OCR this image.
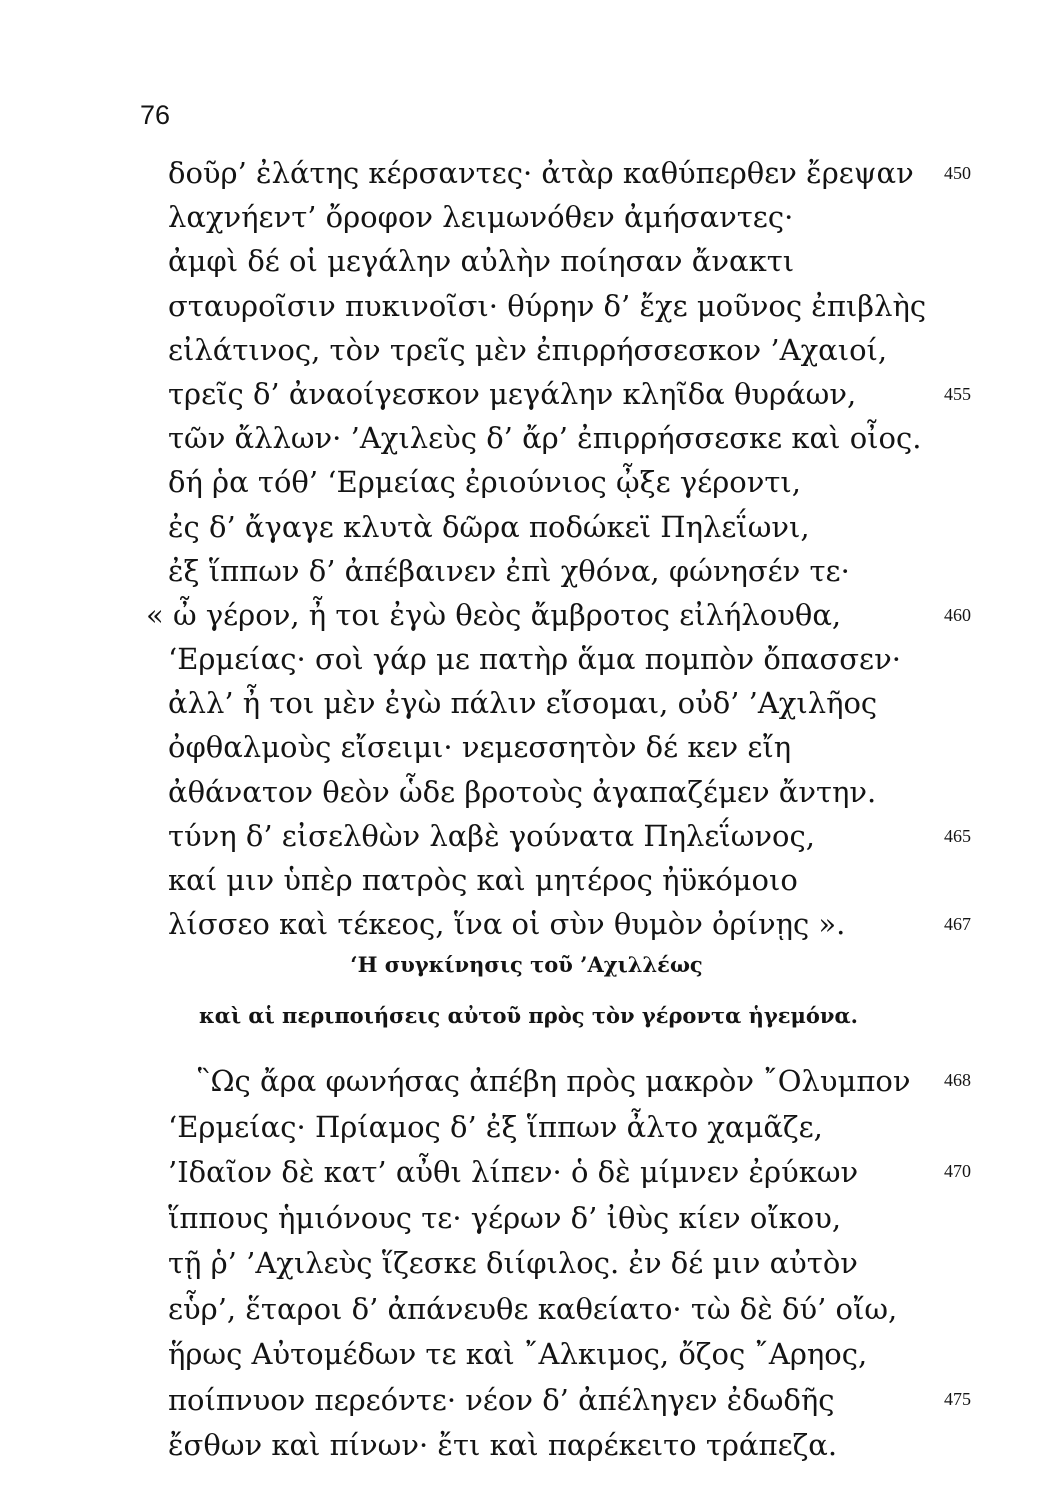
76
δοῦρ’ ἐλάτης κέρσαντες· ἀτὰρ καθύπερθεν ἔρεψαν 450
λαχνήεντ’ ὄροφον λειμωνόθεν ἀμήσαντες·
ἀμφὶ δέ οἱ μεγάλην αὐλὴν ποίησαν ἄνακτι
σταυροῖσιν πυκινοῖσι· θύρην δ’ ἔχε μοῦνος ἐπιβλὴς
εἰλάτινος, τὸν τρεῖς μὲν ἐπιρρήσσεσκον ’Αχαιοί,
τρεῖς δ’ ἀναοίγεσκον μεγάλην κληῖδα θυράων,	455
τῶν ἄλλων· ’Αχιλεὺς δ’ ἄρ’ ἐπιρρήσσεσκε καὶ οἶος.
δή ῥα τόθ’ ‘Ερμείας ἐριούνιος ᾦξε γέροντι,
ἐς δ’ ἄγαγε κλυτὰ δῶρα ποδώκεϊ Πηλεΐωνι,
ἐξ ἵππων δ’ ἀπέβαινεν ἐπὶ χθόνα, φώνησέν τε·
« ὦ γέρον, ἦ τοι ἐγὼ θεὸς ἄμβροτος εἰλήλουθα,	460
‘Ερμείας· σοὶ γάρ με πατὴρ ἅμα πομπὸν ὄπασσεν·
ἀλλ’ ἦ τοι μὲν ἐγὼ πάλιν εἴσομαι, οὐδ’ ’Αχιλῆος
ὀφθαλμοὺς εἴσειμι· νεμεσσητὸν δέ κεν εἴη
ἀθάνατον θεὸν ὧδε βροτοὺς ἀγαπαζέμεν ἄντην.
τύνη δ’ εἰσελθὼν λαβὲ γούνατα Πηλεΐωνος,	465
καί μιν ὑπὲρ πατρὸς καὶ μητέρος ἠϋκόμοιο
λίσσεο καὶ τέκεος, ἵνα οἱ σὺν θυμὸν ὀρίνῃς ».	467
‘Η συγκίνησις τοῦ ’Αχιλλέως
καὶ αἱ περιποιήσεις αὐτοῦ πρὸς τὸν γέροντα ἡγεμόνα.
῝Ως ἄρα φωνήσας ἀπέβη πρὸς μακρὸν ῎Ολυμπον 468
‘Ερμείας· Πρίαμος δ’ ἐξ ἵππων ἆλτο χαμᾶζε,
’Ιδαῖον δὲ κατ’ αὖθι λίπεν· ὁ δὲ μίμνεν ἐρύκων	470
ἵππους ἡμιόνους τε· γέρων δ’ ἰθὺς κίεν οἴκου,
τῇ ῥ’ ’Αχιλεὺς ἵζεσκε διίφιλος. ἐν δέ μιν αὐτὸν
εὗρ’, ἕταροι δ’ ἀπάνευθε καθείατο· τὼ δὲ δύ’ οἴω,
ἥρως Αὐτομέδων τε καὶ ῎Αλκιμος, ὄζος ῎Αρηος,
ποίπνυον περεόντε· νέον δ’ ἀπέληγεν ἐδωδῆς	475
ἔσθων καὶ πίνων· ἔτι καὶ παρέκειτο τράπεζα.
